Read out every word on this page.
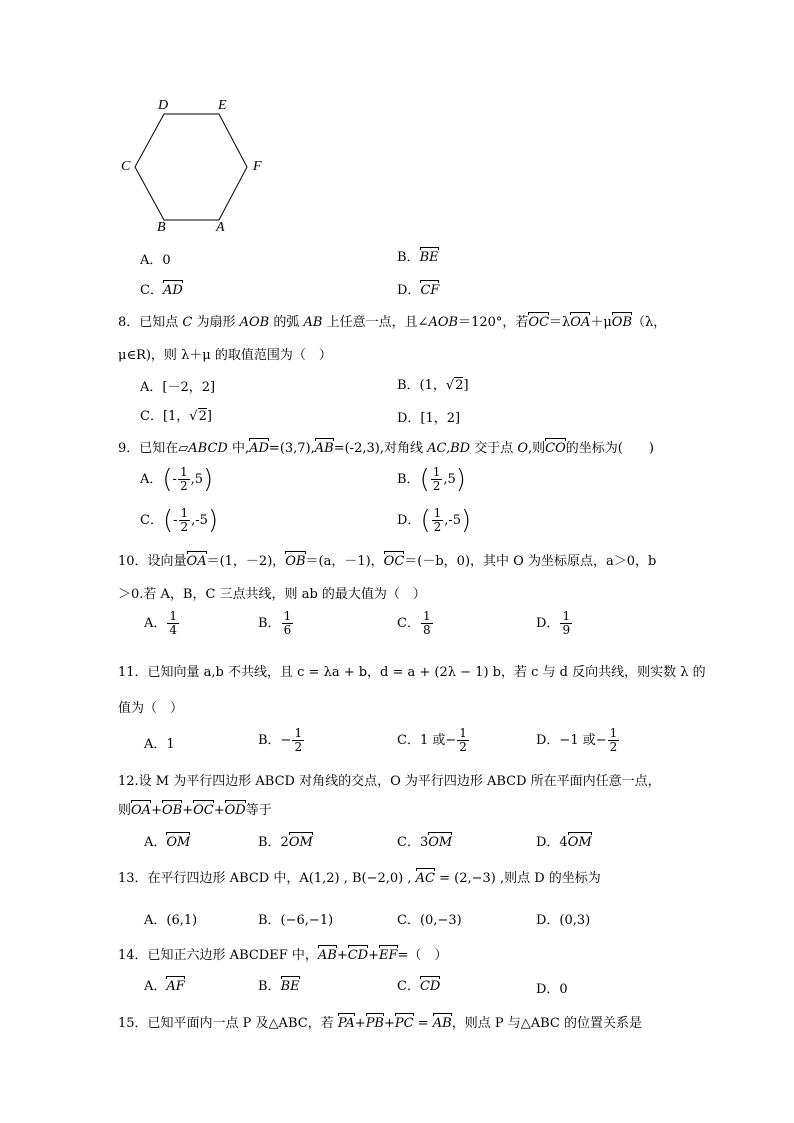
D	E
C	F
B	A
A．0	B．BE
C．AD	D．CF
8．已知点 C 为扇形 AOB 的弧 AB 上任意一点，且∠AOB＝120°，若OC＝λOA＋μOB（λ，
μ∈R)，则 λ＋μ 的取值范围为（　）
A．[－2，2]	B．(1，√2]
C．[1，√2]	D．[1，2]
9．已知在▱ABCD 中,AD=(3,7),AB=(-2,3),对角线 AC,BD 交于点 O,则CO的坐标为(　　)
A．(- $\frac{1}{2} ,5$)	B．( $\frac{1}{2} ,5$)
C．(- $\frac{1}{2} ,-5$)	D．( $\frac{1}{2} ,-5$)
10．设向量OA＝(1，－2)，OB＝(a，－1)，OC＝(－b，0)，其中 O 为坐标原点，a＞0，b
＞0.若 A，B，C 三点共线，则 ab 的最大值为（　）
A． $\frac{1}{4}$	B． $\frac{1}{6}$	C． $\frac{1}{8}$	D． $\frac{1}{9}$
11．已知向量 a,b 不共线，且 c = λa + b，d = a + (2λ − 1) b，若 c 与 d 反向共线，则实数 λ 的
值为（　）
A．1	B．− $\frac{1}{2}$	C．1 或− $\frac{1}{2}$	D．−1 或− $\frac{1}{2}$
12.设 M 为平行四边形 ABCD 对角线的交点，O 为平行四边形 ABCD 所在平面内任意一点，
则OA+OB+OC+OD等于
A．OM	B．2OM	C．3OM	D．4OM
13．在平行四边形 ABCD 中，A(1,2) , B(−2,0) , AC = (2,−3) ,则点 D 的坐标为
A．(6,1)	B．(−6,−1)	C．(0,−3)	D．(0,3)
14．已知正六边形 ABCDEF 中，AB+CD+EF=（　）
A．AF	B．BE	C．CD	D．0
15．已知平面内一点 P 及△ABC，若 PA+PB+PC = AB，则点 P 与△ABC 的位置关系是
